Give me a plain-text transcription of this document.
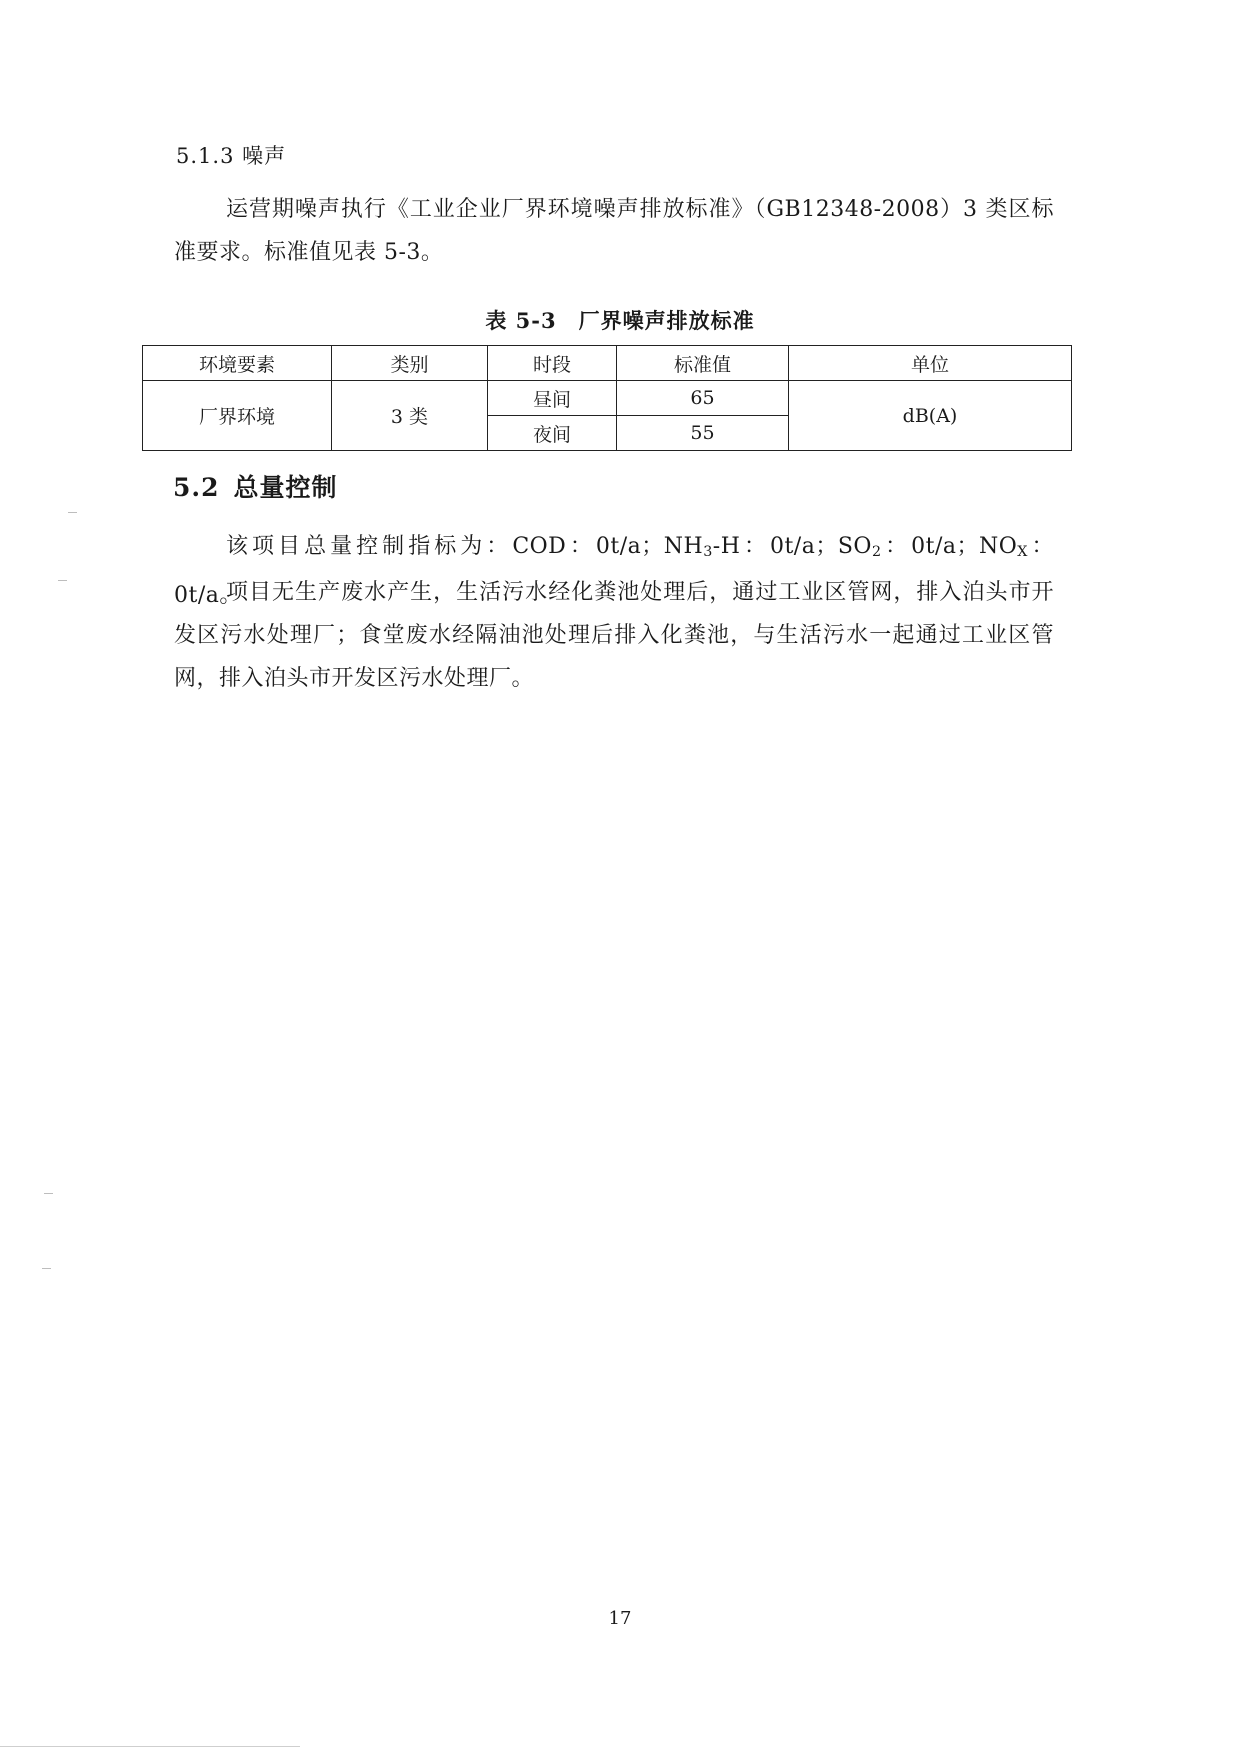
5.1.3 噪声
运营期噪声执行《工业企业厂界环境噪声排放标准》（GB12348-2008）3 类区标准要求。标准值见表 5-3。
表 5-3　厂界噪声排放标准
环境要素	类别	时段	标准值	单位
厂界环境	3 类	昼间	65	dB(A)
		夜间	55	
5.2 总量控制
该项目总量控制指标为：COD：0t/a；$NH_3-H$：0t/a；$SO_2$：0t/a；$NO_X$：0t/a。
项目无生产废水产生，生活污水经化粪池处理后，通过工业区管网，排入泊头市开发区污水处理厂；食堂废水经隔油池处理后排入化粪池，与生活污水一起通过工业区管网，排入泊头市开发区污水处理厂。
17
